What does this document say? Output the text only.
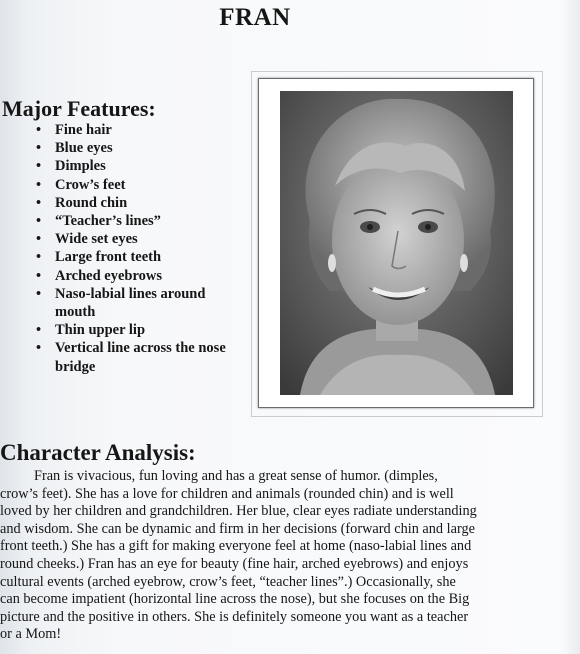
FRAN
Major Features:
• Fine hair
• Blue eyes
• Dimples
• Crow’s feet
• Round chin
• “Teacher’s lines”
• Wide set eyes
• Large front teeth
• Arched eyebrows
• Naso-labial lines around mouth
• Thin upper lip
• Vertical line across the nose bridge
Character Analysis:

Fran is vivacious, fun loving and has a great sense of humor. (dimples, crow’s feet). She has a love for children and animals (rounded chin) and is well loved by her children and grandchildren. Her blue, clear eyes radiate understanding and wisdom. She can be dynamic and firm in her decisions (forward chin and large front teeth.) She has a gift for making everyone feel at home (naso-labial lines and round cheeks.) Fran has an eye for beauty (fine hair, arched eyebrows) and enjoys cultural events (arched eyebrow, crow’s feet, “teacher lines”.) Occasionally, she can become impatient (horizontal line across the nose), but she focuses on the Big picture and the positive in others. She is definitely someone you want as a teacher or a Mom!
